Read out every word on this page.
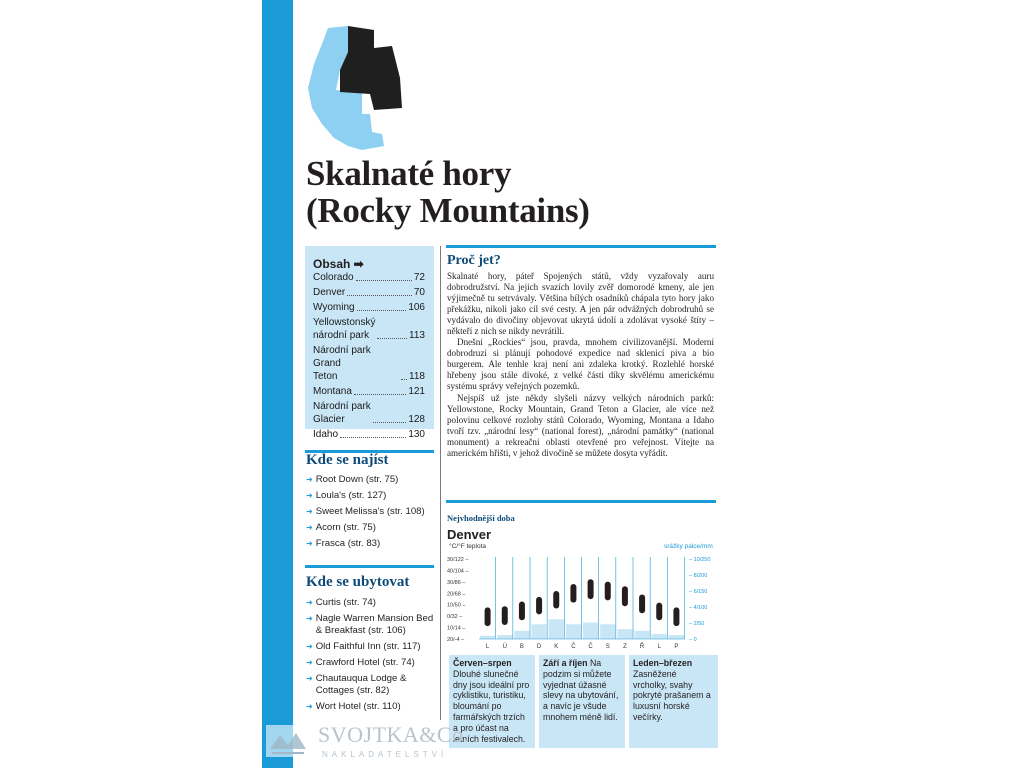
Skalnaté hory
(Rocky Mountains)
Obsah ➡
Colorado	72
Denver	70
Wyoming	106
Yellowstonský
národní park	113
Národní park Grand
Teton	118
Montana	121
Národní park
Glacier	128
Idaho	130
Kde se najíst
➜ Root Down (str. 75)
➜ Loula's (str. 127)
➜ Sweet Melissa's (str. 108)
➜ Acorn (str. 75)
➜ Frasca (str. 83)
Kde se ubytovat
➜ Curtis (str. 74)
➜ Nagle Warren Mansion Bed & Breakfast (str. 106)
➜ Old Faithful Inn (str. 117)
➜ Crawford Hotel (str. 74)
➜ Chautauqua Lodge & Cottages (str. 82)
➜ Wort Hotel (str. 110)
Proč jet?

Skalnaté hory, páteř Spojených států, vždy vyzařovaly auru dobrodružství. Na jejich svazích lovily zvěř domorodé kmeny, ale jen výjimečně tu setrvávaly. Většina bílých osadníků chápala tyto hory jako překážku, nikoli jako cíl své cesty. A jen pár odvážných dobrodruhů se vydávalo do divočiny objevovat ukrytá údolí a zdolávat vysoké štíty – někteří z nich se nikdy nevrátili.

Dnešní „Rockies“ jsou, pravda, mnohem civilizovanější. Moderní dobrodruzi si plánují pohodové expedice nad sklenicí piva a bio burgerem. Ale tenhle kraj není ani zdaleka krotký. Rozlehlé horské hřebeny jsou stále divoké, z velké části díky skvělému americkému systému správy veřejných pozemků.

Nejspíš už jste někdy slyšeli názvy velkých národních parků: Yellowstone, Rocky Mountain, Grand Teton a Glacier, ale více než polovinu celkové rozlohy států Colorado, Wyoming, Montana a Idaho tvoří tzv. „národní lesy“ (national forest), „národní památky“ (national monument) a rekreační oblasti otevřené pro veřejnost. Vítejte na americkém hřišti, v jehož divočině se můžete dosyta vyřádit.

Nejvhodnější doba
Denver
°C/°F teplota	srážky palce/mm
30/122 –
40/104 –
30/86 –
20/68 –
10/50 –
0/32 –
10/14 –
20/-4 –
– 10/250
– 8/200
– 6/150
– 4/100
– 2/50
– 0
L Ú B D K Č Č S Z Ř L P
Červen–srpen Dlouhé slunečné dny jsou ideální pro cyklistiku, turistiku, bloumání po farmářských trzích a pro účast na letních festivalech.
Září a říjen Na podzim si můžete vyjednat úžasné slevy na ubytování, a navíc je všude mnohem méně lidí.
Leden–březen Zasněžené vrcholky, svahy pokryté prašanem a luxusní horské večírky.
SVOJTKA&Co.
NAKLADATELSTVÍ
